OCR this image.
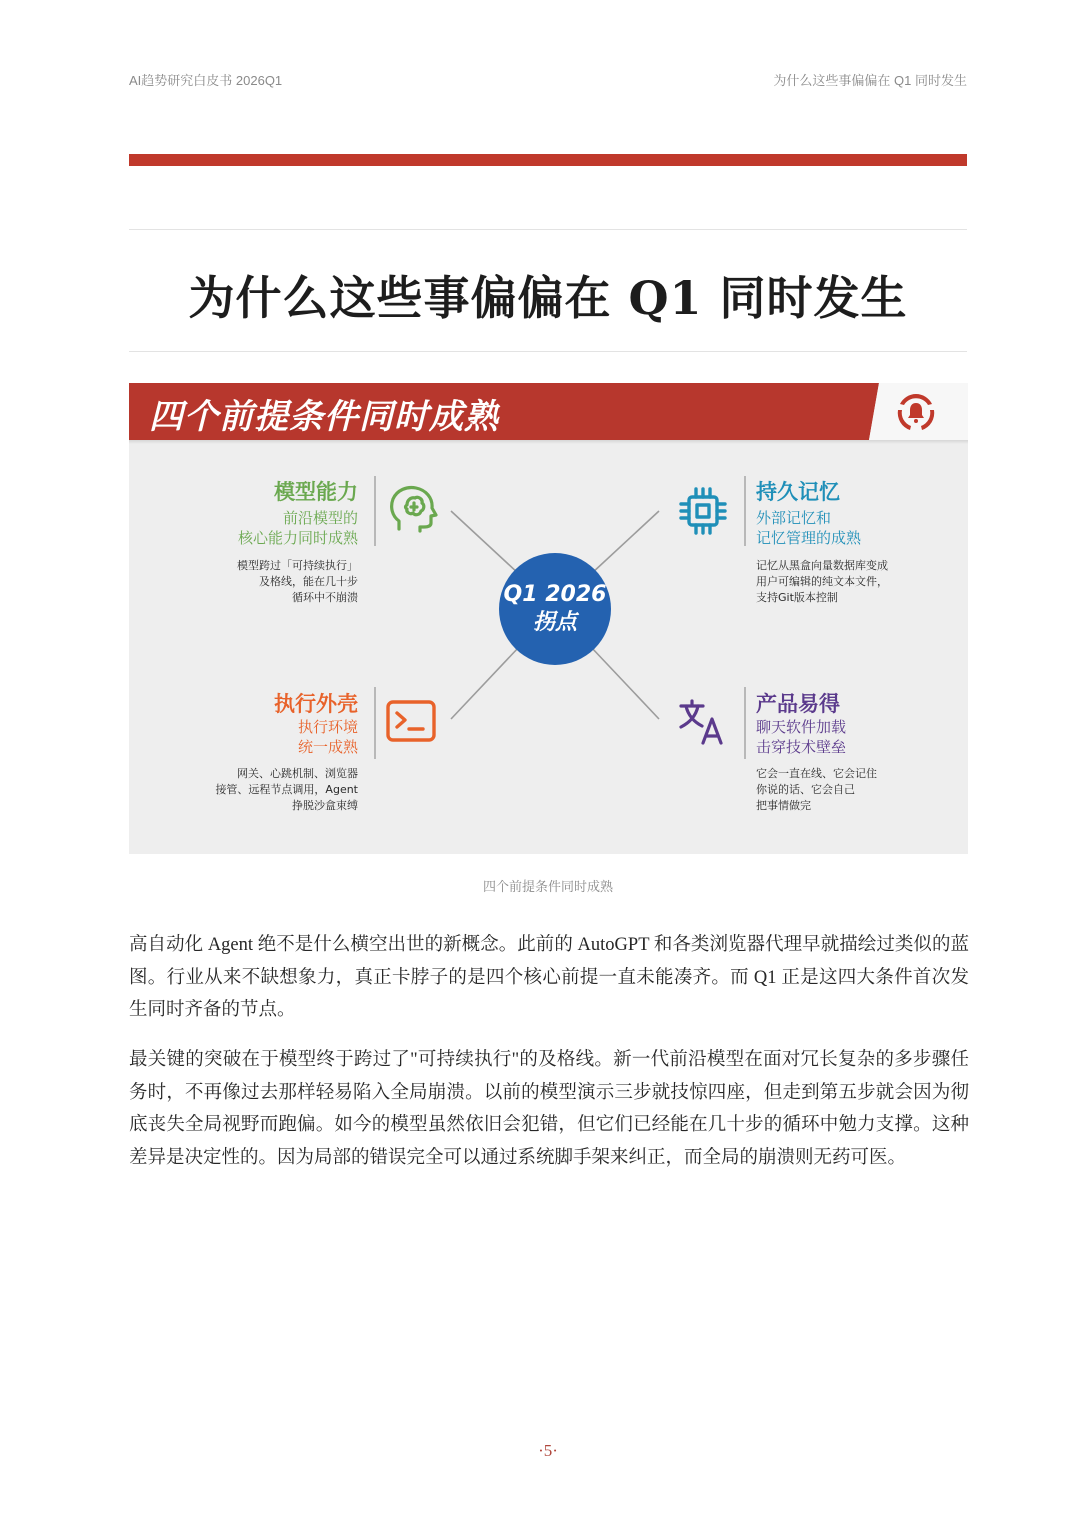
AI趋势研究白皮书 2026Q1	为什么这些事偏偏在 Q1 同时发生
为什么这些事偏偏在 Q1 同时发生
四个前提条件同时成熟
Q1 2026
拐点
模型能力
前沿模型的
核心能力同时成熟
模型跨过「可持续执行」
及格线，能在几十步
循环中不崩溃
持久记忆
外部记忆和
记忆管理的成熟
记忆从黑盒向量数据库变成
用户可编辑的纯文本文件，
支持Git版本控制
执行外壳
执行环境
统一成熟
网关、心跳机制、浏览器
接管、远程节点调用，Agent
挣脱沙盒束缚
产品易得
聊天软件加载
击穿技术壁垒
它会一直在线、它会记住
你说的话、它会自己
把事情做完
四个前提条件同时成熟

高自动化 Agent 绝不是什么横空出世的新概念。此前的 AutoGPT 和各类浏览器代理早就描绘过类似的蓝图。行业从来不缺想象力，真正卡脖子的是四个核心前提一直未能凑齐。而 Q1 正是这四大条件首次发生同时齐备的节点。

最关键的突破在于模型终于跨过了"可持续执行"的及格线。新一代前沿模型在面对冗长复杂的多步骤任务时，不再像过去那样轻易陷入全局崩溃。以前的模型演示三步就技惊四座，但走到第五步就会因为彻底丧失全局视野而跑偏。如今的模型虽然依旧会犯错，但它们已经能在几十步的循环中勉力支撑。这种差异是决定性的。因为局部的错误完全可以通过系统脚手架来纠正，而全局的崩溃则无药可医。

·5·
